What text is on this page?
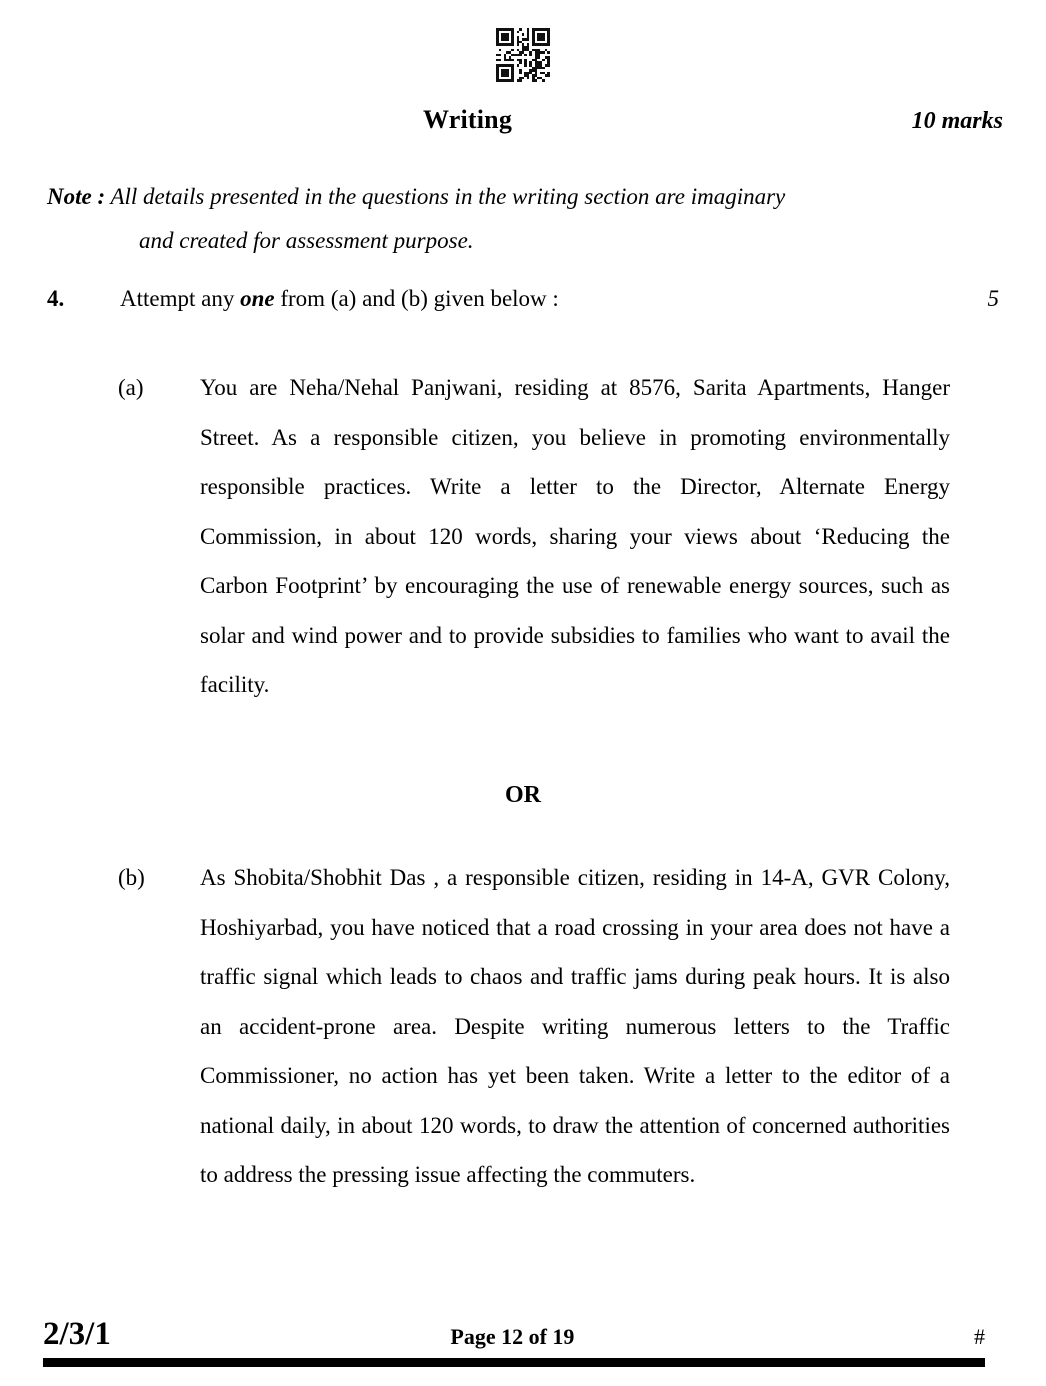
Writing	10 marks
Note : All details presented in the questions in the writing section are imaginary
and created for assessment purpose.
4.	Attempt any one from (a) and (b) given below :	5
(a)	You are Neha/Nehal Panjwani, residing at 8576, Sarita Apartments, Hanger Street. As a responsible citizen, you believe in promoting environmentally responsible practices. Write a letter to the Director, Alternate Energy Commission, in about 120 words, sharing your views about ‘Reducing the Carbon Footprint’ by encouraging the use of renewable energy sources, such as solar and wind power and to provide subsidies to families who want to avail the facility.
OR
(b)	As Shobita/Shobhit Das , a responsible citizen, residing in 14-A, GVR Colony, Hoshiyarbad, you have noticed that a road crossing in your area does not have a traffic signal which leads to chaos and traffic jams during peak hours. It is also an accident-prone area. Despite writing numerous letters to the Traffic Commissioner, no action has yet been taken. Write a letter to the editor of a national daily, in about 120 words, to draw the attention of concerned authorities to address the pressing issue affecting the commuters.
2/3/1	Page 12 of 19	#
